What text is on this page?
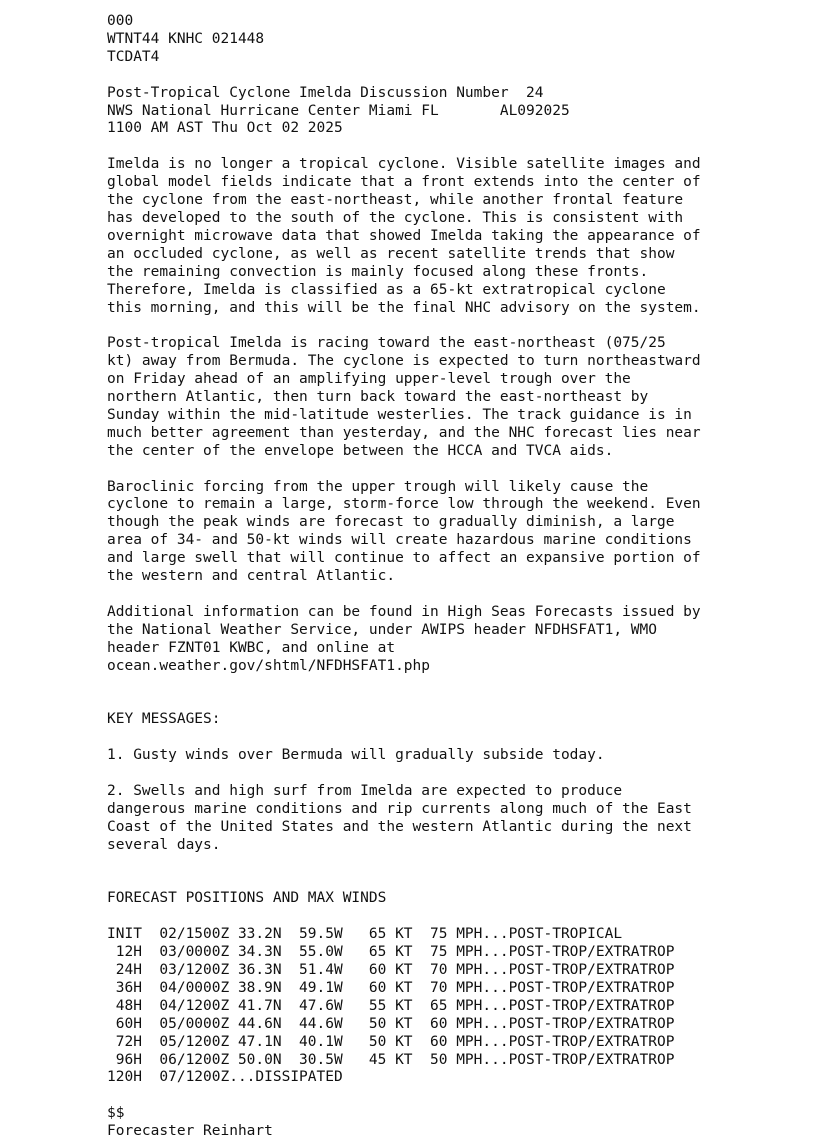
000
WTNT44 KNHC 021448
TCDAT4

Post-Tropical Cyclone Imelda Discussion Number  24
NWS National Hurricane Center Miami FL       AL092025
1100 AM AST Thu Oct 02 2025

Imelda is no longer a tropical cyclone. Visible satellite images and
global model fields indicate that a front extends into the center of
the cyclone from the east-northeast, while another frontal feature
has developed to the south of the cyclone. This is consistent with
overnight microwave data that showed Imelda taking the appearance of
an occluded cyclone, as well as recent satellite trends that show
the remaining convection is mainly focused along these fronts.
Therefore, Imelda is classified as a 65-kt extratropical cyclone
this morning, and this will be the final NHC advisory on the system.

Post-tropical Imelda is racing toward the east-northeast (075/25
kt) away from Bermuda. The cyclone is expected to turn northeastward
on Friday ahead of an amplifying upper-level trough over the
northern Atlantic, then turn back toward the east-northeast by
Sunday within the mid-latitude westerlies. The track guidance is in
much better agreement than yesterday, and the NHC forecast lies near
the center of the envelope between the HCCA and TVCA aids.

Baroclinic forcing from the upper trough will likely cause the
cyclone to remain a large, storm-force low through the weekend. Even
though the peak winds are forecast to gradually diminish, a large
area of 34- and 50-kt winds will create hazardous marine conditions
and large swell that will continue to affect an expansive portion of
the western and central Atlantic.

Additional information can be found in High Seas Forecasts issued by
the National Weather Service, under AWIPS header NFDHSFAT1, WMO
header FZNT01 KWBC, and online at
ocean.weather.gov/shtml/NFDHSFAT1.php

KEY MESSAGES:

1. Gusty winds over Bermuda will gradually subside today.

2. Swells and high surf from Imelda are expected to produce
dangerous marine conditions and rip currents along much of the East
Coast of the United States and the western Atlantic during the next
several days.

FORECAST POSITIONS AND MAX WINDS

INIT  02/1500Z 33.2N  59.5W   65 KT  75 MPH...POST-TROPICAL
12H  03/0000Z 34.3N  55.0W   65 KT  75 MPH...POST-TROP/EXTRATROP
24H  03/1200Z 36.3N  51.4W   60 KT  70 MPH...POST-TROP/EXTRATROP
36H  04/0000Z 38.9N  49.1W   60 KT  70 MPH...POST-TROP/EXTRATROP
48H  04/1200Z 41.7N  47.6W   55 KT  65 MPH...POST-TROP/EXTRATROP
60H  05/0000Z 44.6N  44.6W   50 KT  60 MPH...POST-TROP/EXTRATROP
72H  05/1200Z 47.1N  40.1W   50 KT  60 MPH...POST-TROP/EXTRATROP
96H  06/1200Z 50.0N  30.5W   45 KT  50 MPH...POST-TROP/EXTRATROP
120H  07/1200Z...DISSIPATED

$$
Forecaster Reinhart
